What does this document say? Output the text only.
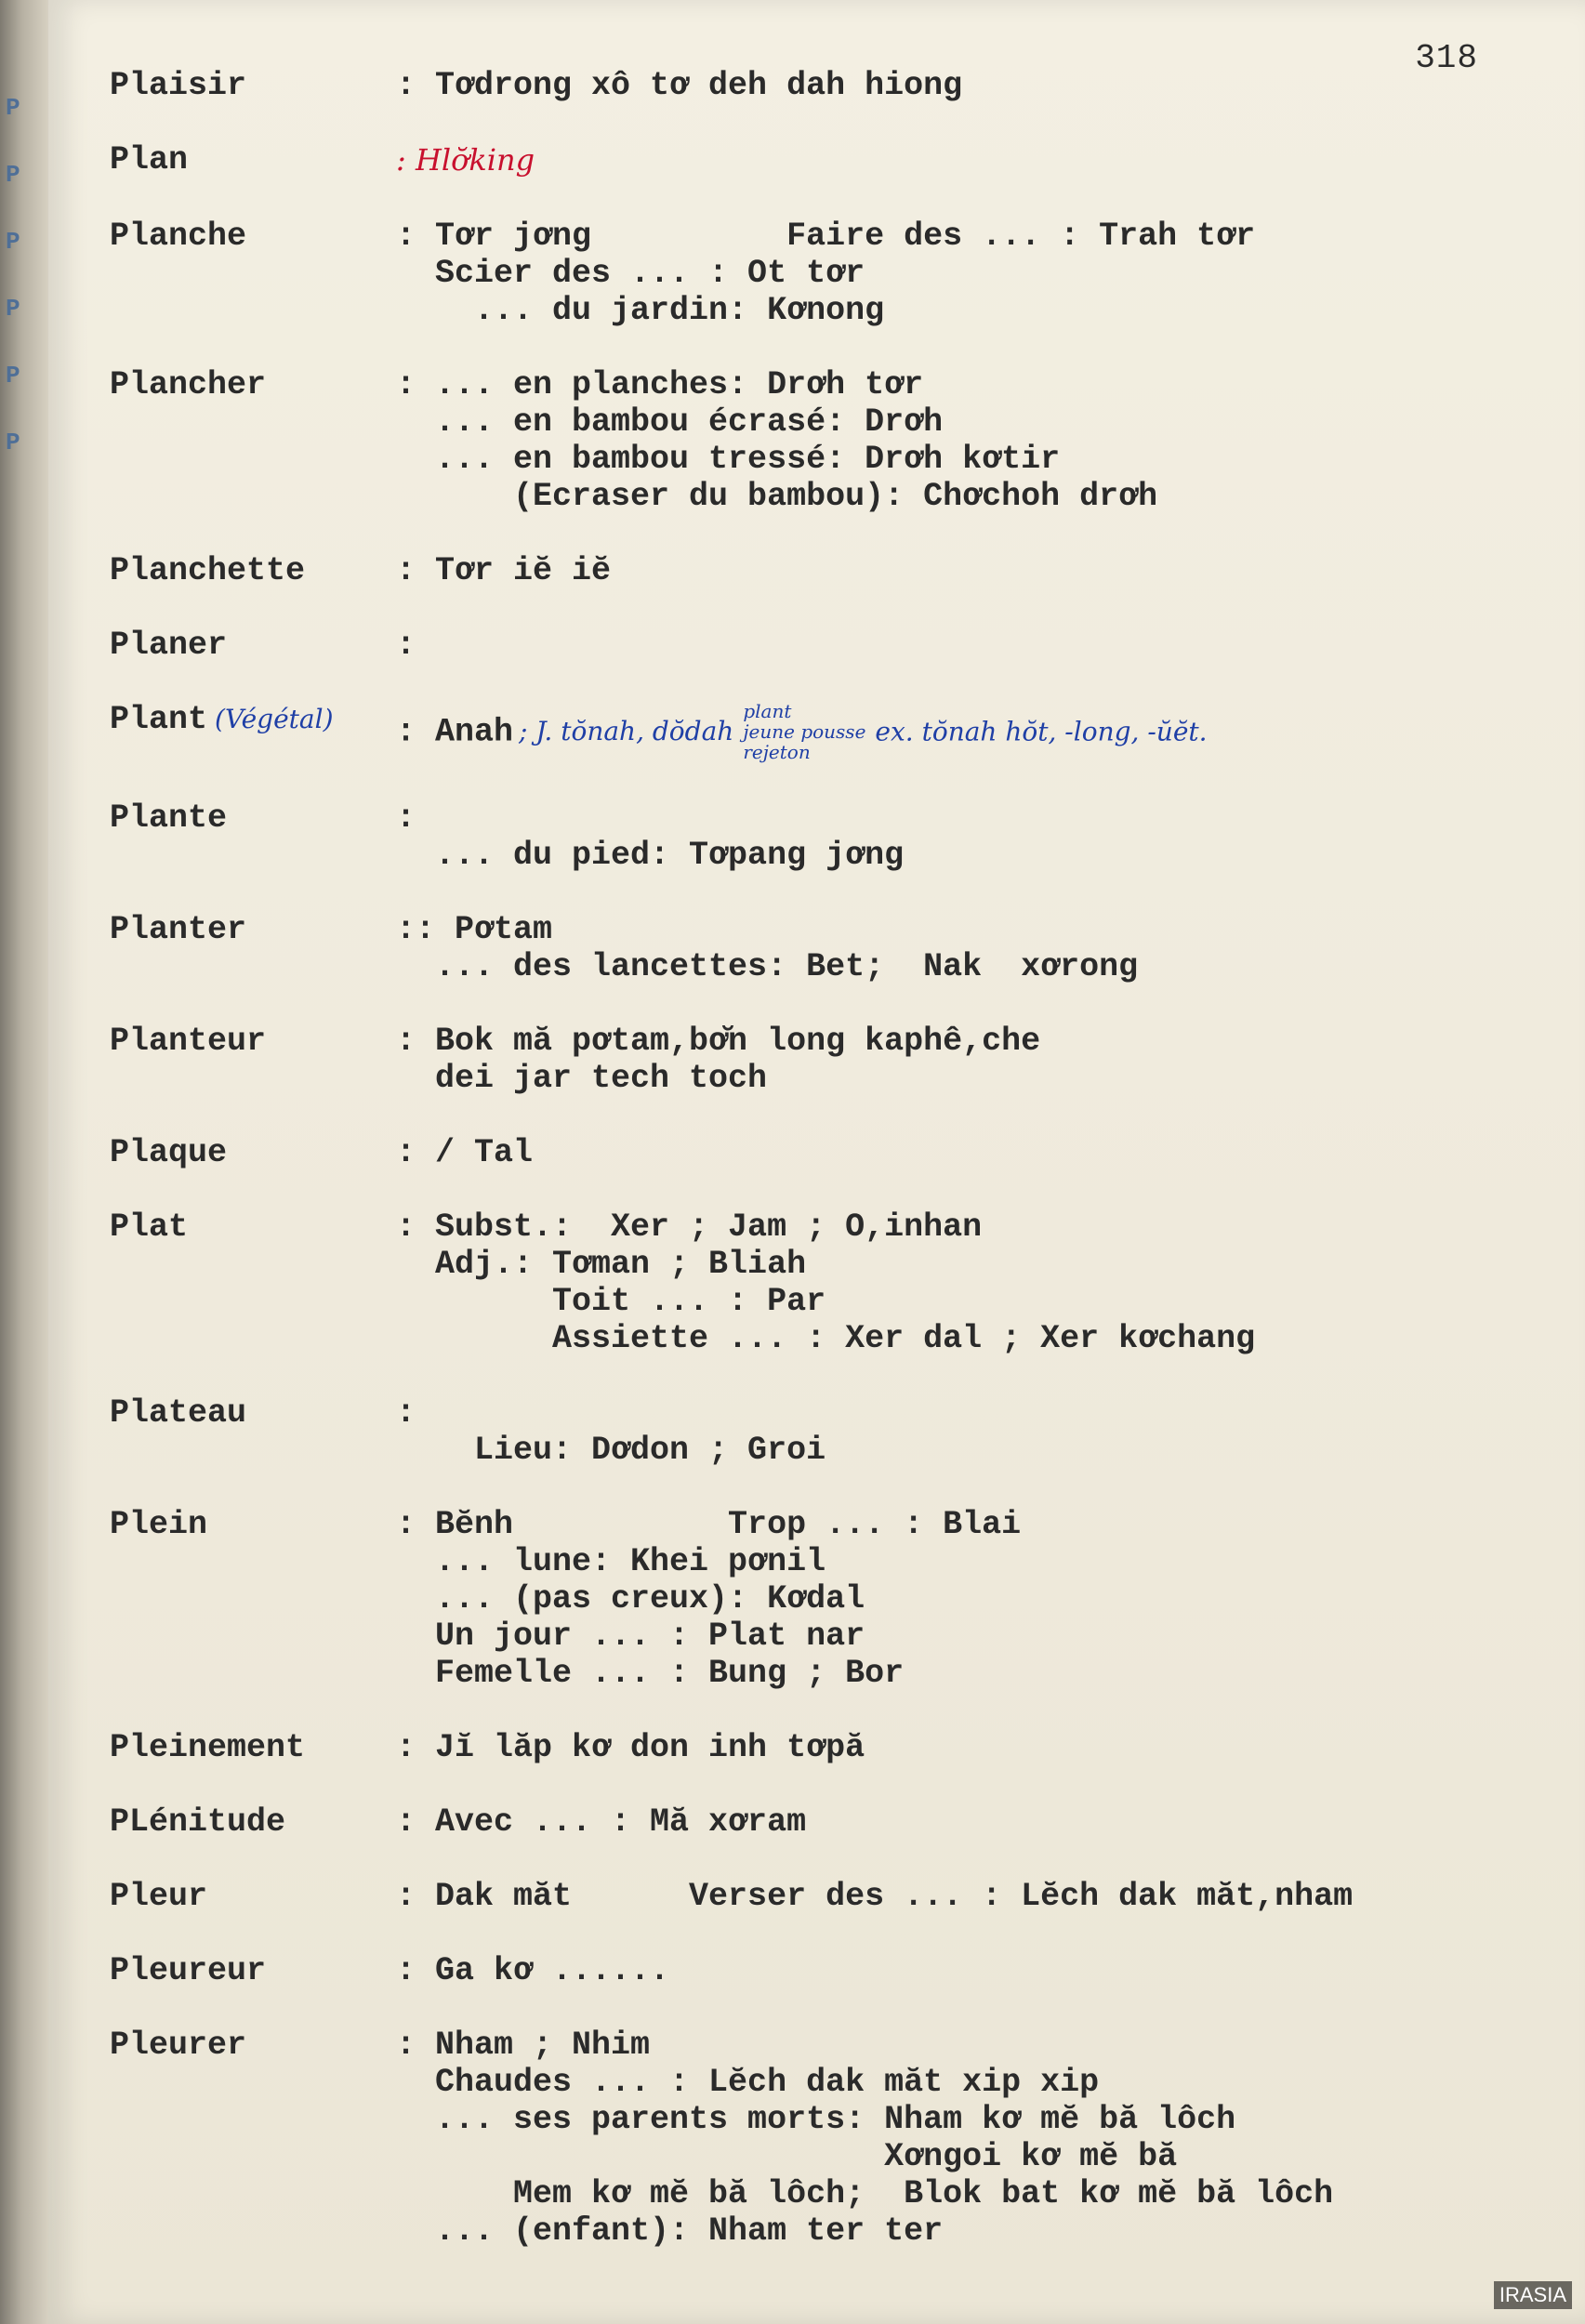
P
P
P
P
P
P
318
Plaisir	: Tơdrong xô tơ deh dah hiong
Plan	: Hlơ̆king
Planche	: Tơr jơng          Faire des ... : Trah tơr
Scier des ... : Ot tơr
... du jardin: Kơnong
Plancher	: ... en planches: Drơh tơr
... en bambou écrasé: Drơh
... en bambou tressé: Drơh kơtir
(Ecraser du bambou): Chơchoh drơh
Planchette	: Tơr iĕ iĕ
Planer	:
Plant (Végétal)	: Anah ; J. tŏnah, dŏdah
plant
jeune pousse
rejeton
ex. tŏnah hŏt, -long, -ŭĕt.
Plante	:
... du pied: Tơpang jơng
Planter	:: Pơtam
... des lancettes: Bet;  Nak  xơrong
Planteur	: Bok mă pơtam,bơ̆n long kaphê,che
dei jar tech toch
Plaque	: / Tal
Plat	: Subst.:  Xer ; Jam ; O,inhan
Adj.: Tơman ; Bliah
Toit ... : Par
Assiette ... : Xer dal ; Xer kơchang
Plateau	:
Lieu: Dơdon ; Groi
Plein	: Bĕnh           Trop ... : Blai
... lune: Khei pơnil
... (pas creux): Kơdal
Un jour ... : Plat nar
Femelle ... : Bung ; Bor
Pleinement	: Jĭ lăp kơ don inh tơpă
PLénitude	: Avec ... : Mă xơram
Pleur	: Dak măt      Verser des ... : Lĕch dak măt,nham
Pleureur	: Ga kơ ......
Pleurer	: Nham ; Nhim
Chaudes ... : Lĕch dak măt xip xip
... ses parents morts: Nham kơ mĕ bă lôch
Xơngoi kơ mĕ bă
Mem kơ mĕ bă lôch;  Blok bat kơ mĕ bă lôch
... (enfant): Nham ter ter
IRASIA
